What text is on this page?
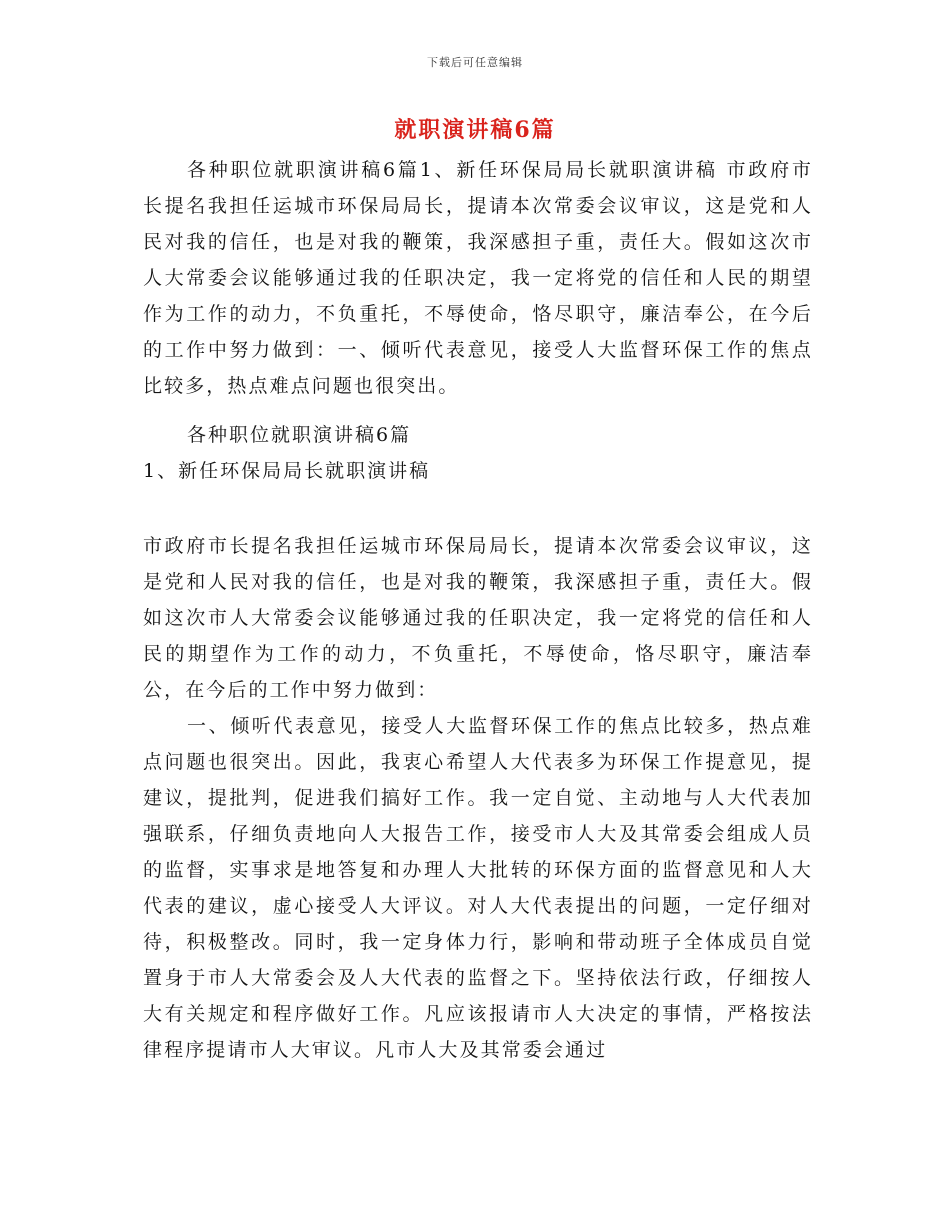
下载后可任意编辑
就职演讲稿6篇

各种职位就职演讲稿6篇1、新任环保局局长就职演讲稿 市政府市长提名我担任运城市环保局局长，提请本次常委会议审议，这是党和人民对我的信任，也是对我的鞭策，我深感担子重，责任大。假如这次市人大常委会议能够通过我的任职决定，我一定将党的信任和人民的期望作为工作的动力，不负重托，不辱使命，恪尽职守，廉洁奉公，在今后的工作中努力做到：一、倾听代表意见，接受人大监督环保工作的焦点比较多，热点难点问题也很突出。

各种职位就职演讲稿6篇
1、新任环保局局长就职演讲稿

市政府市长提名我担任运城市环保局局长，提请本次常委会议审议，这是党和人民对我的信任，也是对我的鞭策，我深感担子重，责任大。假如这次市人大常委会议能够通过我的任职决定，我一定将党的信任和人民的期望作为工作的动力，不负重托，不辱使命，恪尽职守，廉洁奉公，在今后的工作中努力做到：

一、倾听代表意见，接受人大监督环保工作的焦点比较多，热点难点问题也很突出。因此，我衷心希望人大代表多为环保工作提意见，提建议，提批判，促进我们搞好工作。我一定自觉、主动地与人大代表加强联系，仔细负责地向人大报告工作，接受市人大及其常委会组成人员的监督，实事求是地答复和办理人大批转的环保方面的监督意见和人大代表的建议，虚心接受人大评议。对人大代表提出的问题，一定仔细对待，积极整改。同时，我一定身体力行，影响和带动班子全体成员自觉置身于市人大常委会及人大代表的监督之下。坚持依法行政，仔细按人大有关规定和程序做好工作。凡应该报请市人大决定的事情，严格按法律程序提请市人大审议。凡市人大及其常委会通过
